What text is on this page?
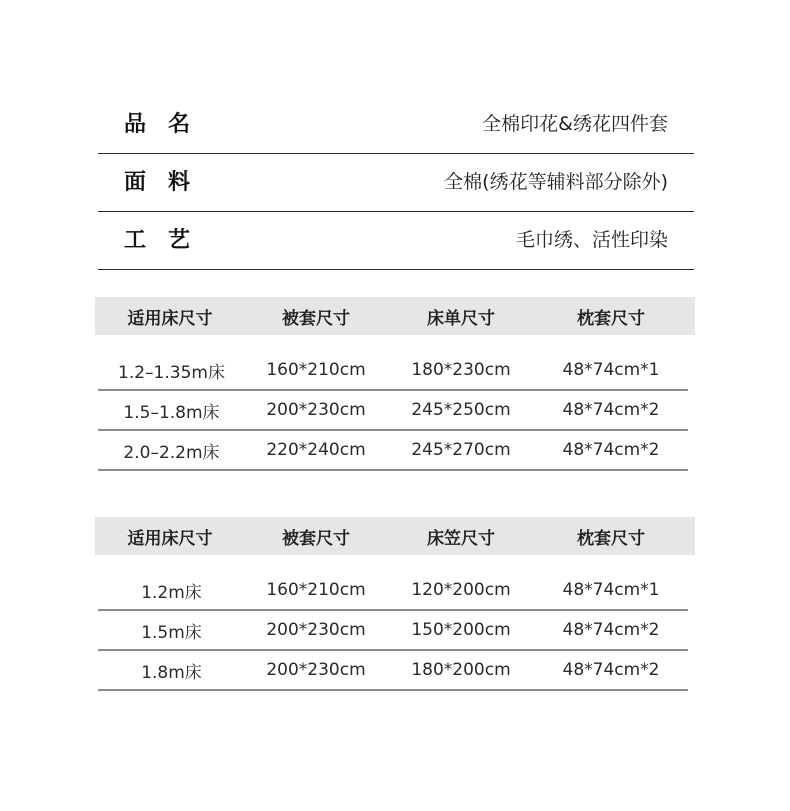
品名	全棉印花&绣花四件套
面料	全棉(绣花等辅料部分除外)
工艺	毛巾绣、活性印染
适用床尺寸	被套尺寸	床单尺寸	枕套尺寸
1.2–1.35m床	160*210cm	180*230cm	48*74cm*1
1.5–1.8m床	200*230cm	245*250cm	48*74cm*2
2.0–2.2m床	220*240cm	245*270cm	48*74cm*2
适用床尺寸	被套尺寸	床笠尺寸	枕套尺寸
1.2m床	160*210cm	120*200cm	48*74cm*1
1.5m床	200*230cm	150*200cm	48*74cm*2
1.8m床	200*230cm	180*200cm	48*74cm*2
